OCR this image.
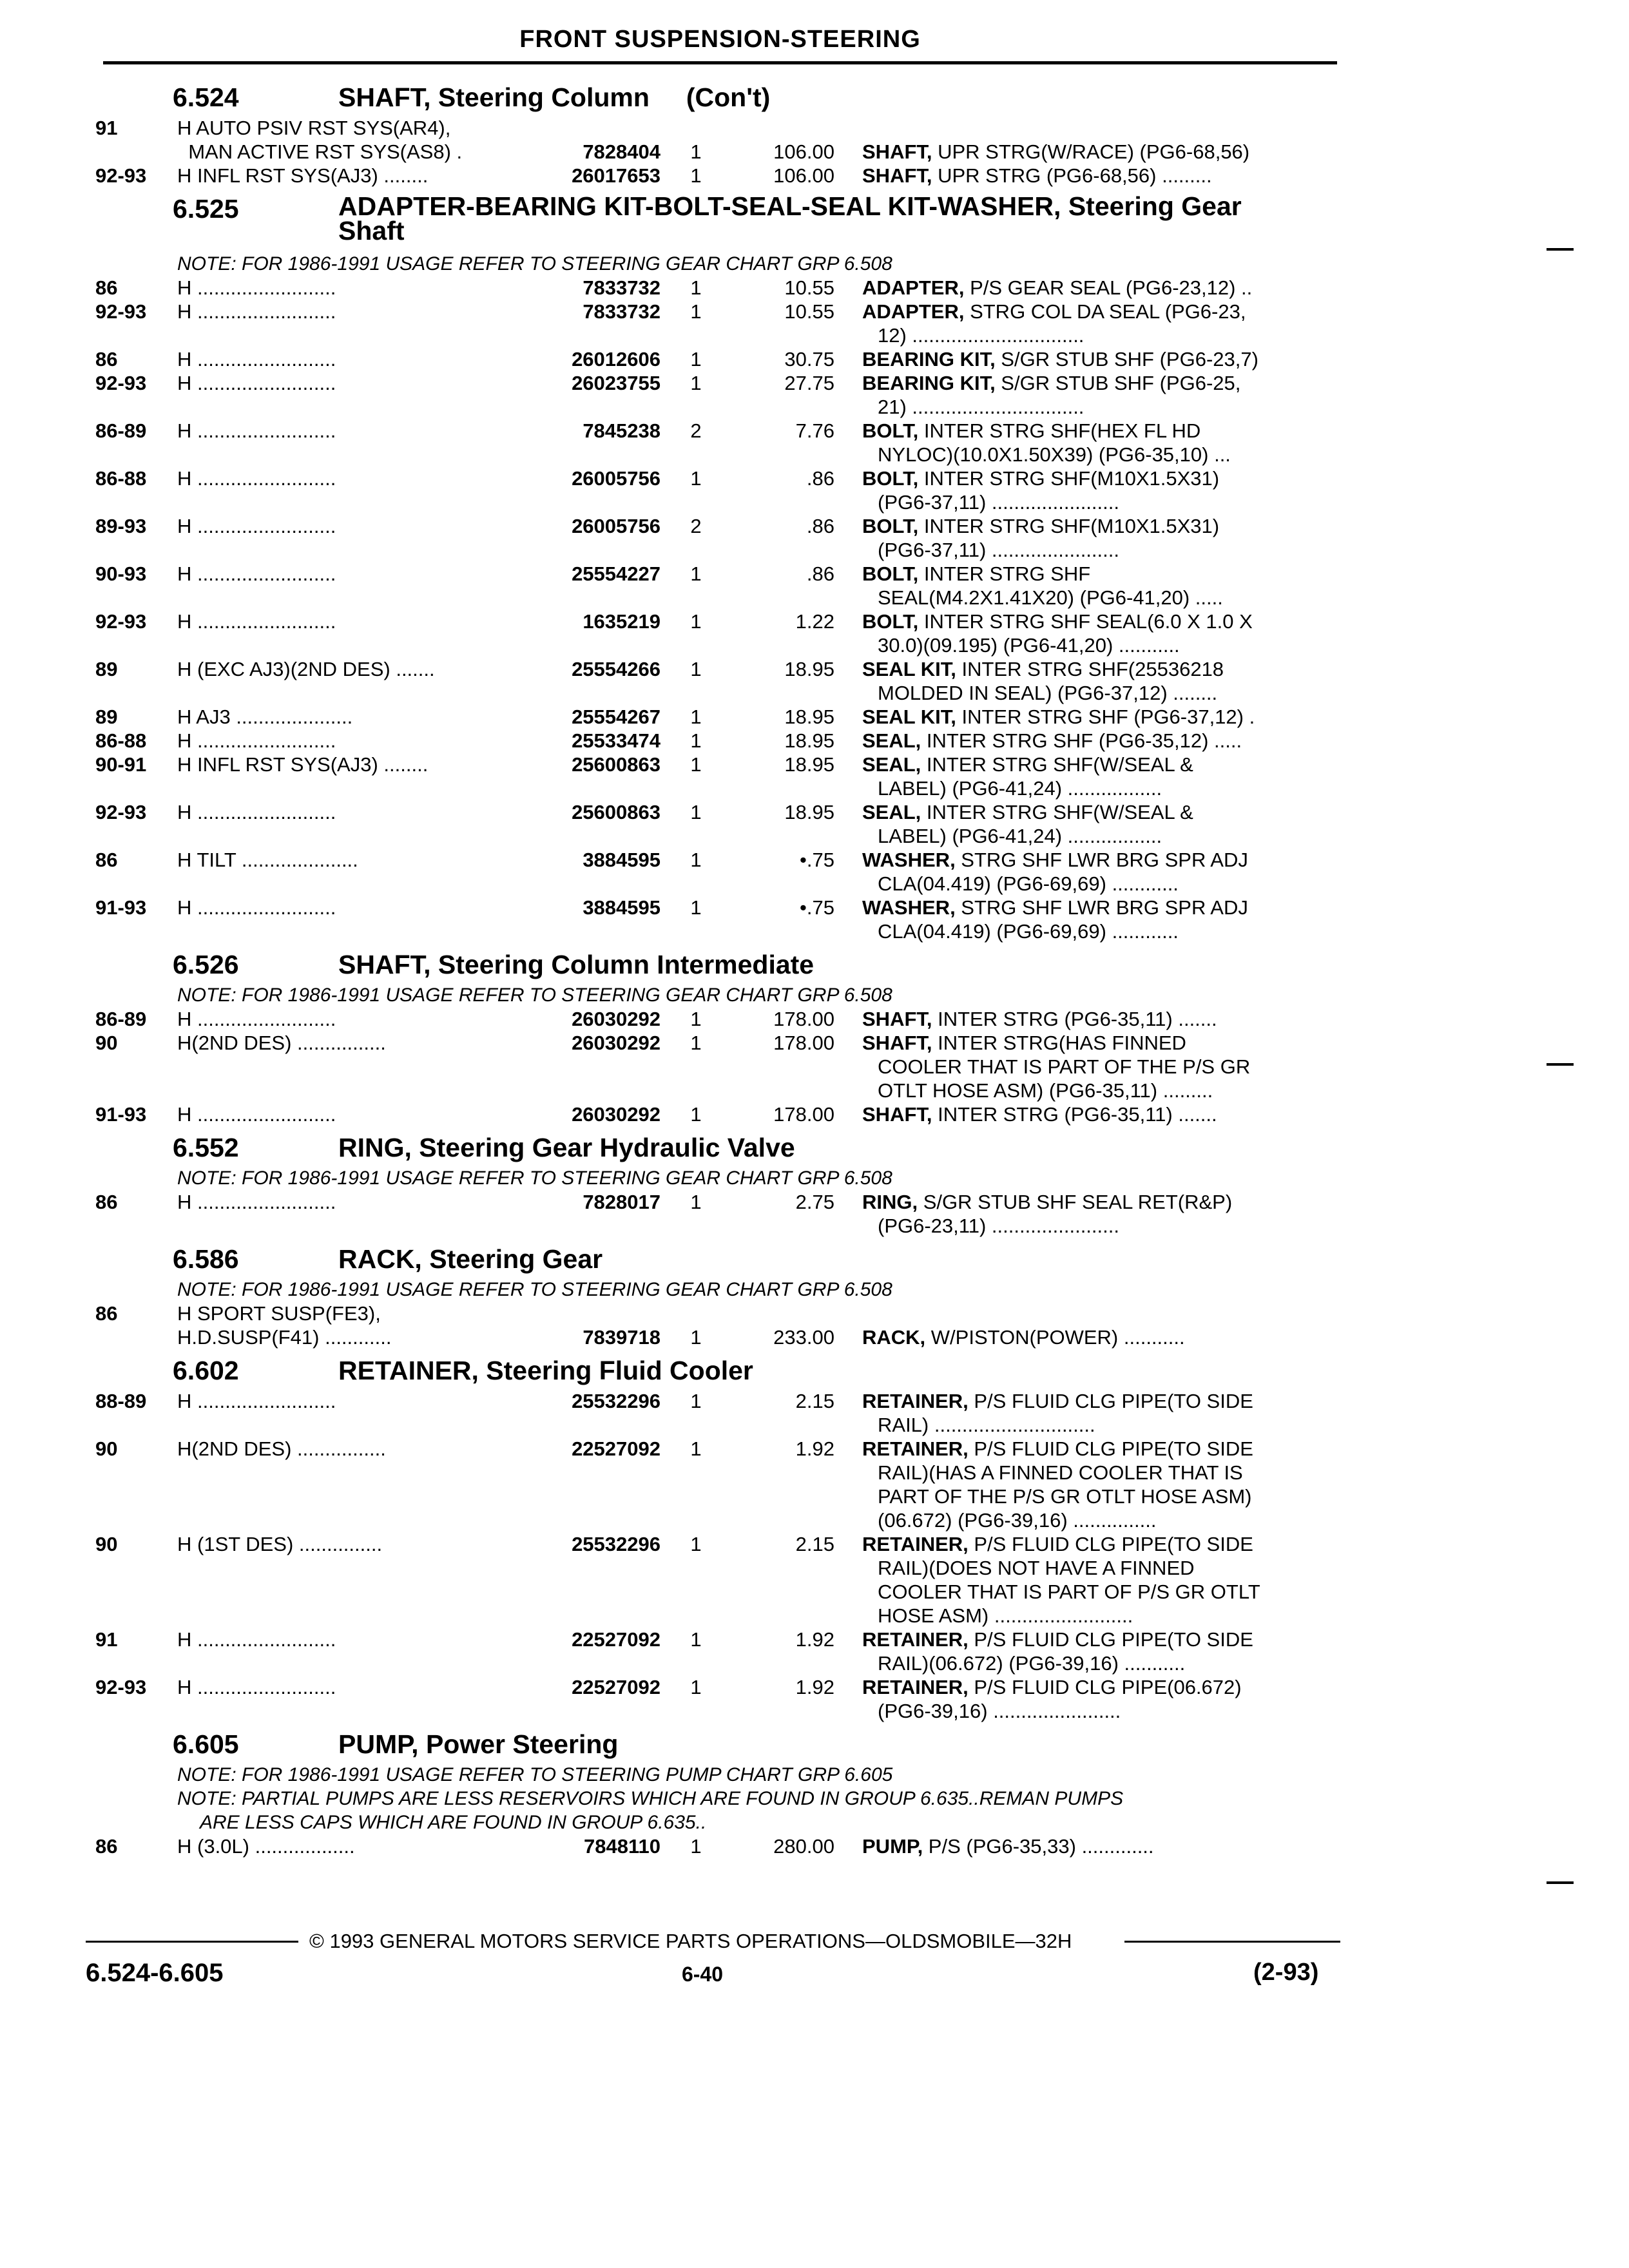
FRONT SUSPENSION-STEERING
6.524	SHAFT, Steering Column     (Con't)
91	H AUTO PSIV RST SYS(AR4),
MAN ACTIVE RST SYS(AS8) .	7828404	1	106.00 SHAFT, UPR STRG(W/RACE) (PG6-68,56)
92-93	H INFL RST SYS(AJ3) ........	26017653	1	106.00 SHAFT, UPR STRG (PG6-68,56) .........
6.525	ADAPTER-BEARING KIT-BOLT-SEAL-SEAL KIT-WASHER, Steering Gear Shaft
NOTE: FOR 1986-1991 USAGE REFER TO STEERING GEAR CHART GRP 6.508
86	H .........................	7833732	1	10.55 ADAPTER, P/S GEAR SEAL (PG6-23,12) ..
92-93	H .........................	7833732	1	10.55 ADAPTER, STRG COL DA SEAL (PG6-23,
12) ...............................
86	H .........................	26012606	1	30.75 BEARING KIT, S/GR STUB SHF (PG6-23,7)
92-93	H .........................	26023755	1	27.75 BEARING KIT, S/GR STUB SHF (PG6-25,
21) ...............................
86-89	H .........................	7845238	2	7.76 BOLT, INTER STRG SHF(HEX FL HD
NYLOC)(10.0X1.50X39) (PG6-35,10) ...
86-88	H .........................	26005756	1	.86 BOLT, INTER STRG SHF(M10X1.5X31)
(PG6-37,11) .......................
89-93	H .........................	26005756	2	.86 BOLT, INTER STRG SHF(M10X1.5X31)
(PG6-37,11) .......................
90-93	H .........................	25554227	1	.86 BOLT, INTER STRG SHF
SEAL(M4.2X1.41X20) (PG6-41,20) .....
92-93	H .........................	1635219	1	1.22 BOLT, INTER STRG SHF SEAL(6.0 X 1.0 X
30.0)(09.195) (PG6-41,20) ...........
89	H (EXC AJ3)(2ND DES) .......	25554266	1	18.95 SEAL KIT, INTER STRG SHF(25536218
MOLDED IN SEAL) (PG6-37,12) ........
89	H AJ3 .....................	25554267	1	18.95 SEAL KIT, INTER STRG SHF (PG6-37,12) .
86-88	H .........................	25533474	1	18.95 SEAL, INTER STRG SHF (PG6-35,12) .....
90-91	H INFL RST SYS(AJ3) ........	25600863	1	18.95 SEAL, INTER STRG SHF(W/SEAL &
LABEL) (PG6-41,24) .................
92-93	H .........................	25600863	1	18.95 SEAL, INTER STRG SHF(W/SEAL &
LABEL) (PG6-41,24) .................
86	H TILT .....................	3884595	1	•.75 WASHER, STRG SHF LWR BRG SPR ADJ
CLA(04.419) (PG6-69,69) ............
91-93	H .........................	3884595	1	•.75 WASHER, STRG SHF LWR BRG SPR ADJ
CLA(04.419) (PG6-69,69) ............
6.526	SHAFT, Steering Column Intermediate
NOTE: FOR 1986-1991 USAGE REFER TO STEERING GEAR CHART GRP 6.508
86-89	H .........................	26030292	1	178.00 SHAFT, INTER STRG (PG6-35,11) .......
90	H(2ND DES) ................	26030292	1	178.00 SHAFT, INTER STRG(HAS FINNED
COOLER THAT IS PART OF THE P/S GR
OTLT HOSE ASM) (PG6-35,11) .........
91-93	H .........................	26030292	1	178.00 SHAFT, INTER STRG (PG6-35,11) .......
6.552	RING, Steering Gear Hydraulic Valve
NOTE: FOR 1986-1991 USAGE REFER TO STEERING GEAR CHART GRP 6.508
86	H .........................	7828017	1	2.75 RING, S/GR STUB SHF SEAL RET(R&P)
(PG6-23,11) .......................
6.586	RACK, Steering Gear
NOTE: FOR 1986-1991 USAGE REFER TO STEERING GEAR CHART GRP 6.508
86	H SPORT SUSP(FE3),
H.D.SUSP(F41) ............	7839718	1	233.00 RACK, W/PISTON(POWER) ...........
6.602	RETAINER, Steering Fluid Cooler
88-89	H .........................	25532296	1	2.15 RETAINER, P/S FLUID CLG PIPE(TO SIDE
RAIL) .............................
90	H(2ND DES) ................	22527092	1	1.92 RETAINER, P/S FLUID CLG PIPE(TO SIDE
RAIL)(HAS A FINNED COOLER THAT IS
PART OF THE P/S GR OTLT HOSE ASM)
(06.672) (PG6-39,16) ...............
90	H (1ST DES) ...............	25532296	1	2.15 RETAINER, P/S FLUID CLG PIPE(TO SIDE
RAIL)(DOES NOT HAVE A FINNED
COOLER THAT IS PART OF P/S GR OTLT
HOSE ASM) .........................
91	H .........................	22527092	1	1.92 RETAINER, P/S FLUID CLG PIPE(TO SIDE
RAIL)(06.672) (PG6-39,16) ...........
92-93	H .........................	22527092	1	1.92 RETAINER, P/S FLUID CLG PIPE(06.672)
(PG6-39,16) .......................
6.605	PUMP, Power Steering
NOTE: FOR 1986-1991 USAGE REFER TO STEERING PUMP CHART GRP 6.605
NOTE: PARTIAL PUMPS ARE LESS RESERVOIRS WHICH ARE FOUND IN GROUP 6.635..REMAN PUMPS
ARE LESS CAPS WHICH ARE FOUND IN GROUP 6.635..
86	H (3.0L) ..................	7848110	1	280.00 PUMP, P/S (PG6-35,33) .............
© 1993 GENERAL MOTORS SERVICE PARTS OPERATIONS—OLDSMOBILE—32H
6.524-6.605	6-40	(2-93)
